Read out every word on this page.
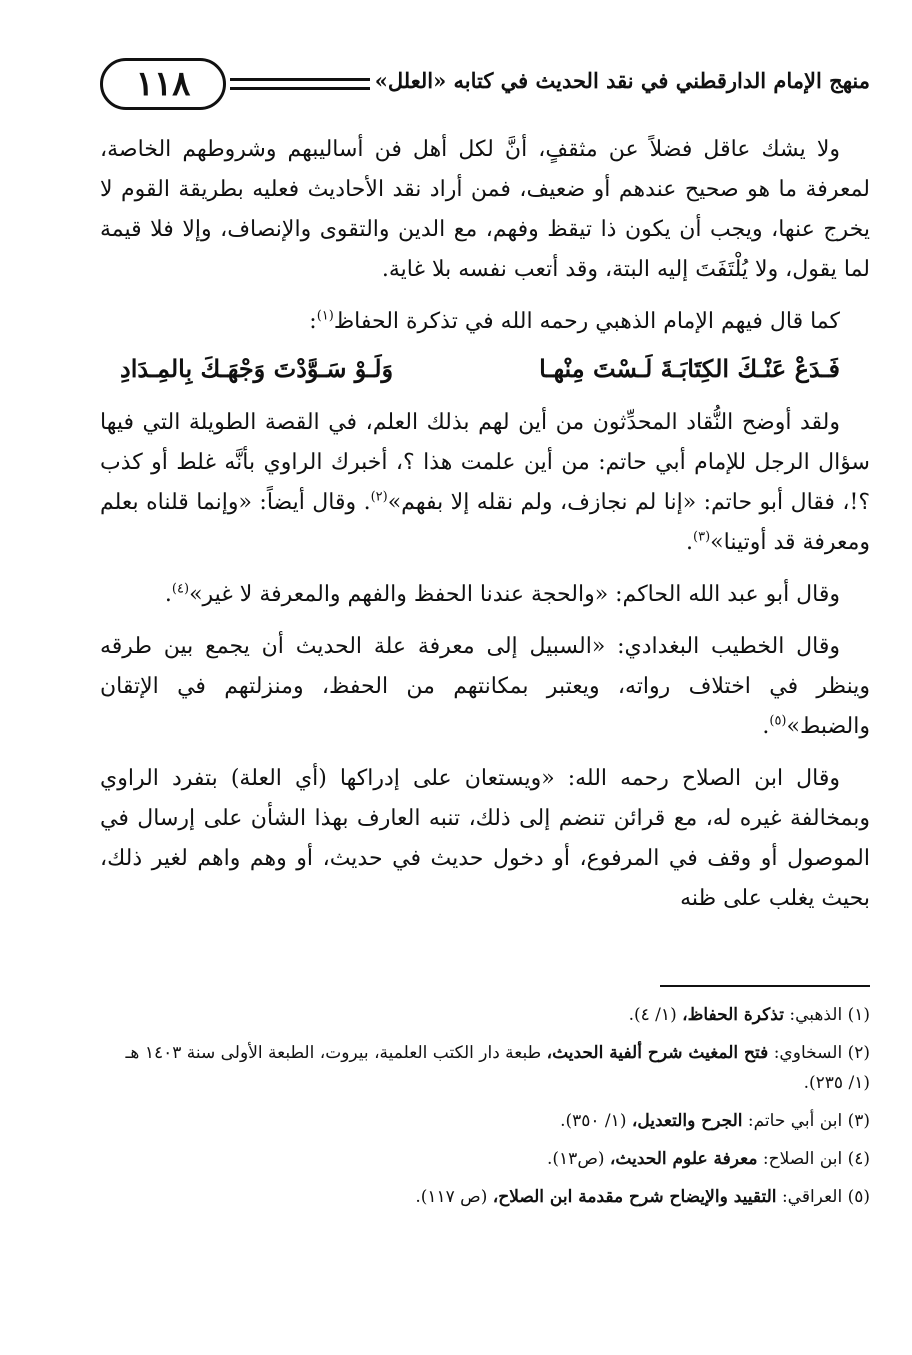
١١٨	منهج الإمام الدارقطني في نقد الحديث في كتابه «العلل»

ولا يشك عاقل فضلاً عن مثقفٍ، أنَّ لكل أهل فن أساليبهم وشروطهم الخاصة، لمعرفة ما هو صحيح عندهم أو ضعيف، فمن أراد نقد الأحاديث فعليه بطريقة القوم لا يخرج عنها، ويجب أن يكون ذا تيقظ وفهم، مع الدين والتقوى والإنصاف، وإلا فلا قيمة لما يقول، ولا يُلْتَفَتَ إليه البتة، وقد أتعب نفسه بلا غاية.

كما قال فيهم الإمام الذهبي رحمه الله في تذكرة الحفاظ$^{(١)}$:

فَـدَعْ عَنْـكَ الكِتَابَـةَ لَـسْتَ مِنْهـا
وَلَـوْ سَـوَّدْتَ وَجْهَـكَ بِالمِـدَادِ

ولقد أوضح النُّقاد المحدِّثون من أين لهم بذلك العلم، في القصة الطويلة التي فيها سؤال الرجل للإمام أبي حاتم: من أين علمت هذا ؟، أخبرك الراوي بأنَّه غلط أو كذب ؟!، فقال أبو حاتم: «إنا لم نجازف، ولم نقله إلا بفهم»$^{(٢)}$. وقال أيضاً: «وإنما قلناه بعلم ومعرفة قد أوتينا»$^{(٣)}$.

وقال أبو عبد الله الحاكم: «والحجة عندنا الحفظ والفهم والمعرفة لا غير»$^{(٤)}$.

وقال الخطيب البغدادي: «السبيل إلى معرفة علة الحديث أن يجمع بين طرقه وينظر في اختلاف رواته، ويعتبر بمكانتهم من الحفظ، ومنزلتهم في الإتقان والضبط»$^{(٥)}$.

وقال ابن الصلاح رحمه الله: «ويستعان على إدراكها (أي العلة) بتفرد الراوي وبمخالفة غيره له، مع قرائن تنضم إلى ذلك، تنبه العارف بهذا الشأن على إرسال في الموصول أو وقف في المرفوع، أو دخول حديث في حديث، أو وهم واهم لغير ذلك، بحيث يغلب على ظنه

(١) الذهبي: تذكرة الحفاظ، (١/ ٤).

(٢) السخاوي: فتح المغيث شرح ألفية الحديث، طبعة دار الكتب العلمية، بيروت، الطبعة الأولى سنة ١٤٠٣ هـ (١/ ٢٣٥).

(٣) ابن أبي حاتم: الجرح والتعديل، (١/ ٣٥٠).

(٤) ابن الصلاح: معرفة علوم الحديث، (ص١٣).

(٥) العراقي: التقييد والإيضاح شرح مقدمة ابن الصلاح، (ص ١١٧).
